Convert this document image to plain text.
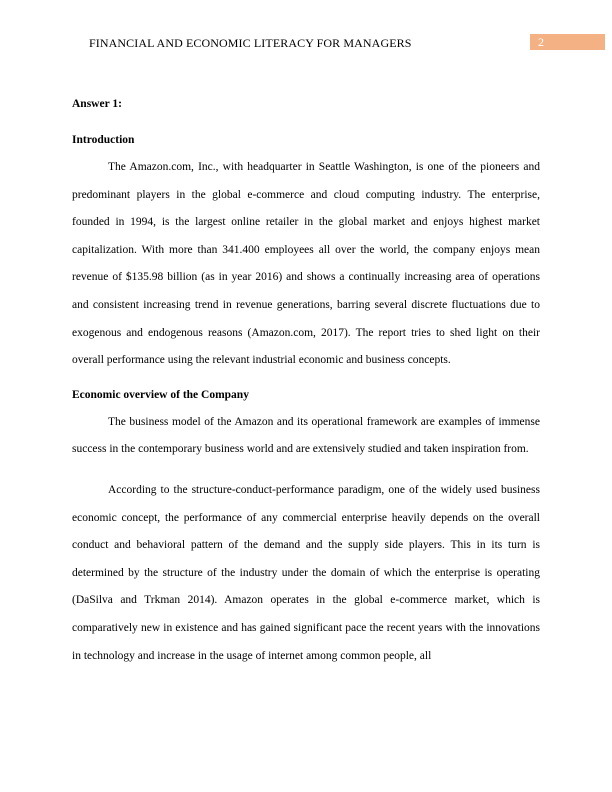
FINANCIAL AND ECONOMIC LITERACY FOR MANAGERS	2

Answer 1:

Introduction

The Amazon.com, Inc., with headquarter in Seattle Washington, is one of the pioneers and predominant players in the global e-commerce and cloud computing industry. The enterprise, founded in 1994, is the largest online retailer in the global market and enjoys highest market capitalization. With more than 341.400 employees all over the world, the company enjoys mean revenue of $135.98 billion (as in year 2016) and shows a continually increasing area of operations and consistent increasing trend in revenue generations, barring several discrete fluctuations due to exogenous and endogenous reasons (Amazon.com, 2017). The report tries to shed light on their overall performance using the relevant industrial economic and business concepts.

Economic overview of the Company

The business model of the Amazon and its operational framework are examples of immense success in the contemporary business world and are extensively studied and taken inspiration from.

According to the structure-conduct-performance paradigm, one of the widely used business economic concept, the performance of any commercial enterprise heavily depends on the overall conduct and behavioral pattern of the demand and the supply side players. This in its turn is determined by the structure of the industry under the domain of which the enterprise is operating (DaSilva and Trkman 2014). Amazon operates in the global e-commerce market, which is comparatively new in existence and has gained significant pace the recent years with the innovations in technology and increase in the usage of internet among common people, all
